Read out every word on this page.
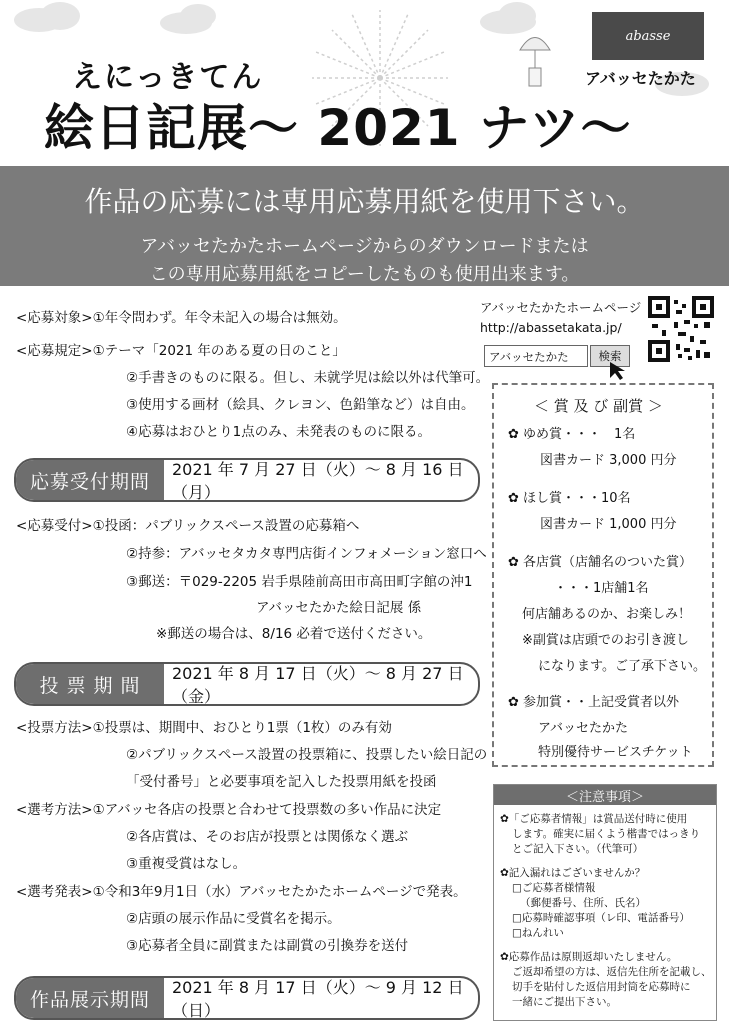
abasse
アバッセたかた
えにっきてん
絵日記展～ 2021 ナツ～
作品の応募には専用応募用紙を使用下さい。
アバッセたかたホームページからのダウンロードまたは
この専用応募用紙をコピーしたものも使用出来ます。
<応募対象>①年令問わず。年令未記入の場合は無効。
<応募規定>①テーマ「2021 年のある夏の日のこと」
②手書きのものに限る。但し、未就学児は絵以外は代筆可。
③使用する画材（絵具、クレヨン、色鉛筆など）は自由。
④応募はおひとり1点のみ、未発表のものに限る。
応募受付期間
2021 年 7 月 27 日（火）～ 8 月 16 日（月）
<応募受付>①投函：パブリックスペース設置の応募箱へ
②持参：アバッセタカタ専門店街インフォメーション窓口へ
③郵送：〒029-2205 岩手県陸前高田市高田町字館の沖1
アバッセたかた絵日記展 係
※郵送の場合は、8/16 必着で送付ください。
投 票 期 間
2021 年 8 月 17 日（火）～ 8 月 27 日（金）
<投票方法>①投票は、期間中、おひとり1票（1枚）のみ有効
②パブリックスペース設置の投票箱に、投票したい絵日記の
「受付番号」と必要事項を記入した投票用紙を投函
<選考方法>①アバッセ各店の投票と合わせて投票数の多い作品に決定
②各店賞は、そのお店が投票とは関係なく選ぶ
③重複受賞はなし。
<選考発表>①令和3年9月1日（水）アバッセたかたホームページで発表。
②店頭の展示作品に受賞名を掲示。
③応募者全員に副賞または副賞の引換券を送付
作品展示期間
2021 年 8 月 17 日（火）～ 9 月 12 日（日）
アバッセたかたホームページ
http://abassetakata.jp/
アバッセたかた	検索
＜ 賞 及 び 副賞 ＞
✿ ゆめ賞・・・　1名
図書カード 3,000 円分
✿ ほし賞・・・10名
図書カード 1,000 円分
✿ 各店賞（店舗名のついた賞）
・・・1店舗1名
何店舗あるのか、お楽しみ！
※副賞は店頭でのお引き渡し
になります。ご了承下さい。
✿ 参加賞・・上記受賞者以外
アバッセたかた
特別優待サービスチケット
＜注意事項＞
✿「ご応募者情報」は賞品送付時に使用
します。確実に届くよう楷書ではっきり
とご記入下さい。（代筆可）
✿記入漏れはございませんか？
□ご応募者様情報
（郵便番号、住所、氏名）
□応募時確認事項（レ印、電話番号）
□ねんれい
✿応募作品は原則返却いたしません。
ご返却希望の方は、返信先住所を記載し、
切手を貼付した返信用封筒を応募時に
一緒にご提出下さい。
